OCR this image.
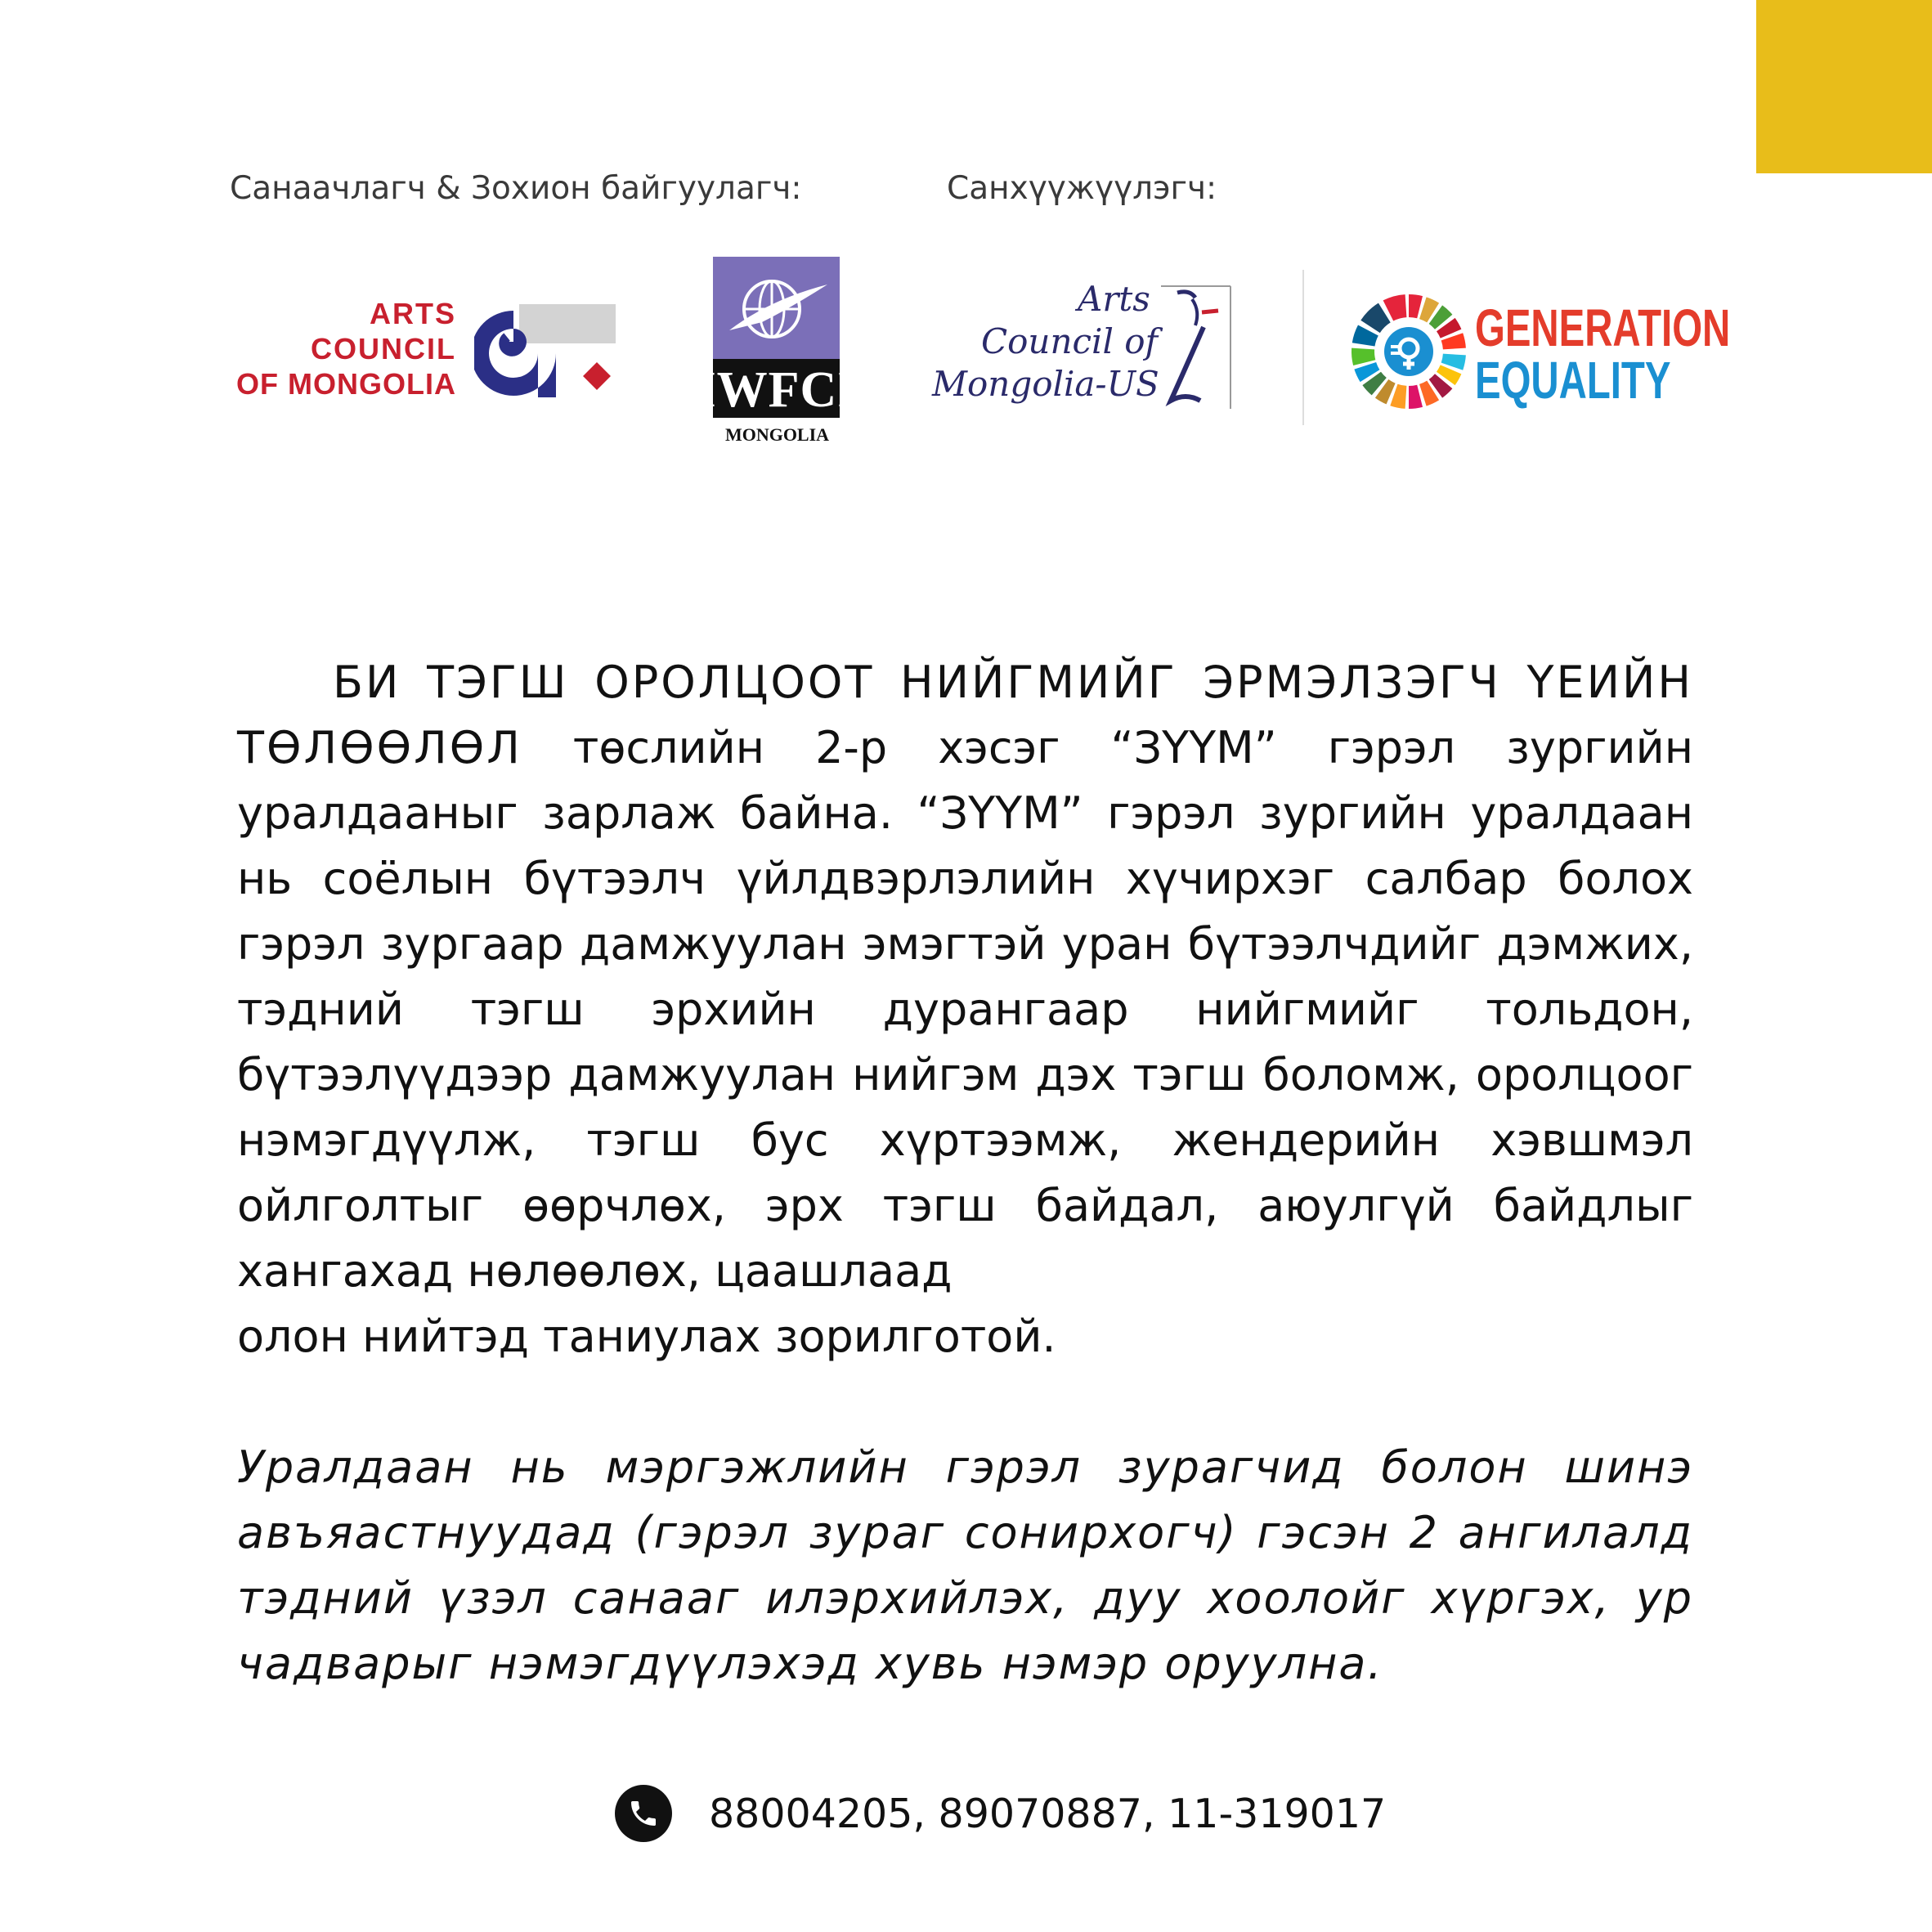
Санаачлагч & Зохион байгуулагч:	Санхүүжүүлэгч:
ARTS
COUNCIL
OF MONGOLIA	IWFCI
MONGOLIA
Arts
Council of
Mongolia-US
GENERATION
EQUALITY

БИ ТЭГШ ОРОЛЦООТ НИЙГМИЙГ ЭРМЭЛЗЭГЧ ҮЕИЙН ТӨЛӨӨЛӨЛ төслийн 2-р хэсэг “ЗҮҮМ” гэрэл зургийн уралдааныг зарлаж байна. “ЗҮҮМ” гэрэл зургийн уралдаан нь соёлын бүтээлч үйлдвэрлэлийн хүчирхэг салбар болох гэрэл зургаар дамжуулан эмэгтэй уран бүтээлчдийг дэмжих, тэдний тэгш эрхийн дурангаар нийгмийг тольдон, бүтээлүүдээр дамжуулан нийгэм дэх тэгш боломж, оролцоог нэмэгдүүлж, тэгш бус хүртээмж, жендерийн хэвшмэл ойлголтыг өөрчлөх, эрх тэгш байдал, аюулгүй байдлыг хангахад нөлөөлөх, цаашлаад

олон нийтэд таниулах зорилготой.

Уралдаан нь мэргэжлийн гэрэл зурагчид болон шинэ авъяастнуудад (гэрэл зураг сонирхогч) гэсэн 2 ангилалд тэдний үзэл санааг илэрхийлэх, дуу хоолойг хүргэх, ур чадварыг нэмэгдүүлэхэд хувь нэмэр оруулна.

88004205, 89070887, 11-319017
